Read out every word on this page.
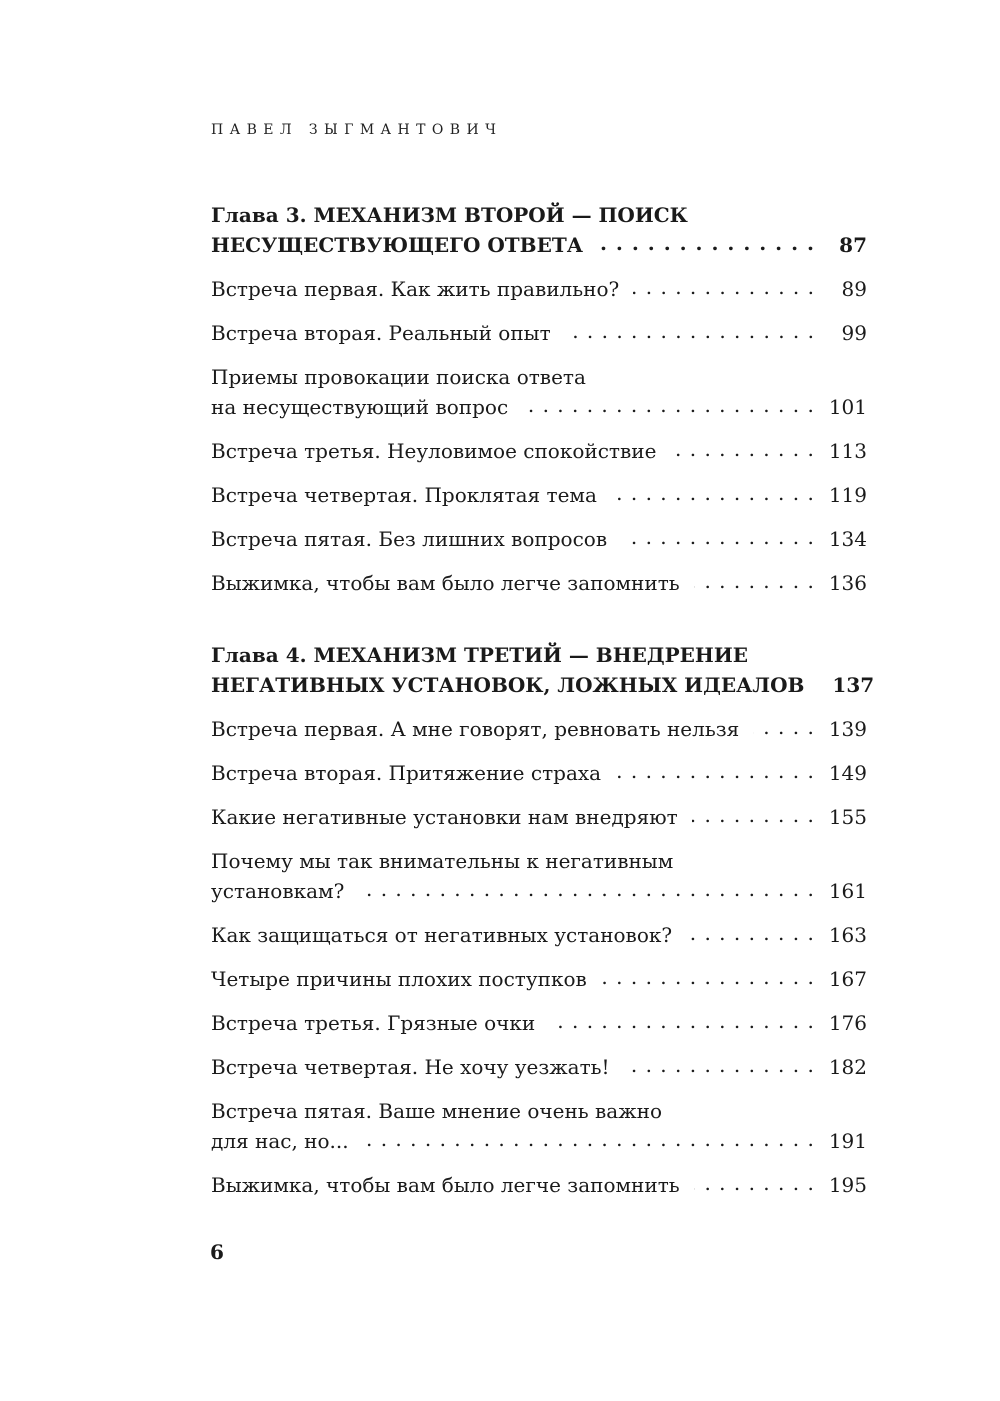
ПАВЕЛ ЗЫГМАНТОВИЧ
Глава 3. МЕХАНИЗМ ВТОРОЙ — ПОИСК
НЕСУЩЕСТВУЮЩЕГО ОТВЕТА . . .	87
Встреча первая. Как жить правильно? . . .	89
Встреча вторая. Реальный опыт . . .	99
Приемы провокации поиска ответа
на несуществующий вопрос . . .	101
Встреча третья. Неуловимое спокойствие . . .	113
Встреча четвертая. Проклятая тема . . .	119
Встреча пятая. Без лишних вопросов . . .	134
Выжимка, чтобы вам было легче запомнить . . .	136
Глава 4. МЕХАНИЗМ ТРЕТИЙ — ВНЕДРЕНИЕ
НЕГАТИВНЫХ УСТАНОВОК, ЛОЖНЫХ ИДЕАЛОВ 137
Встреча первая. А мне говорят, ревновать нельзя . . .	139
Встреча вторая. Притяжение страха . . .	149
Какие негативные установки нам внедряют . . .	155
Почему мы так внимательны к негативным
установкам? . . .	161
Как защищаться от негативных установок? . . .	163
Четыре причины плохих поступков . . .	167
Встреча третья. Грязные очки . . .	176
Встреча четвертая. Не хочу уезжать! . . .	182
Встреча пятая. Ваше мнение очень важно
для нас, но... . . .	191
Выжимка, чтобы вам было легче запомнить . . .	195
6
